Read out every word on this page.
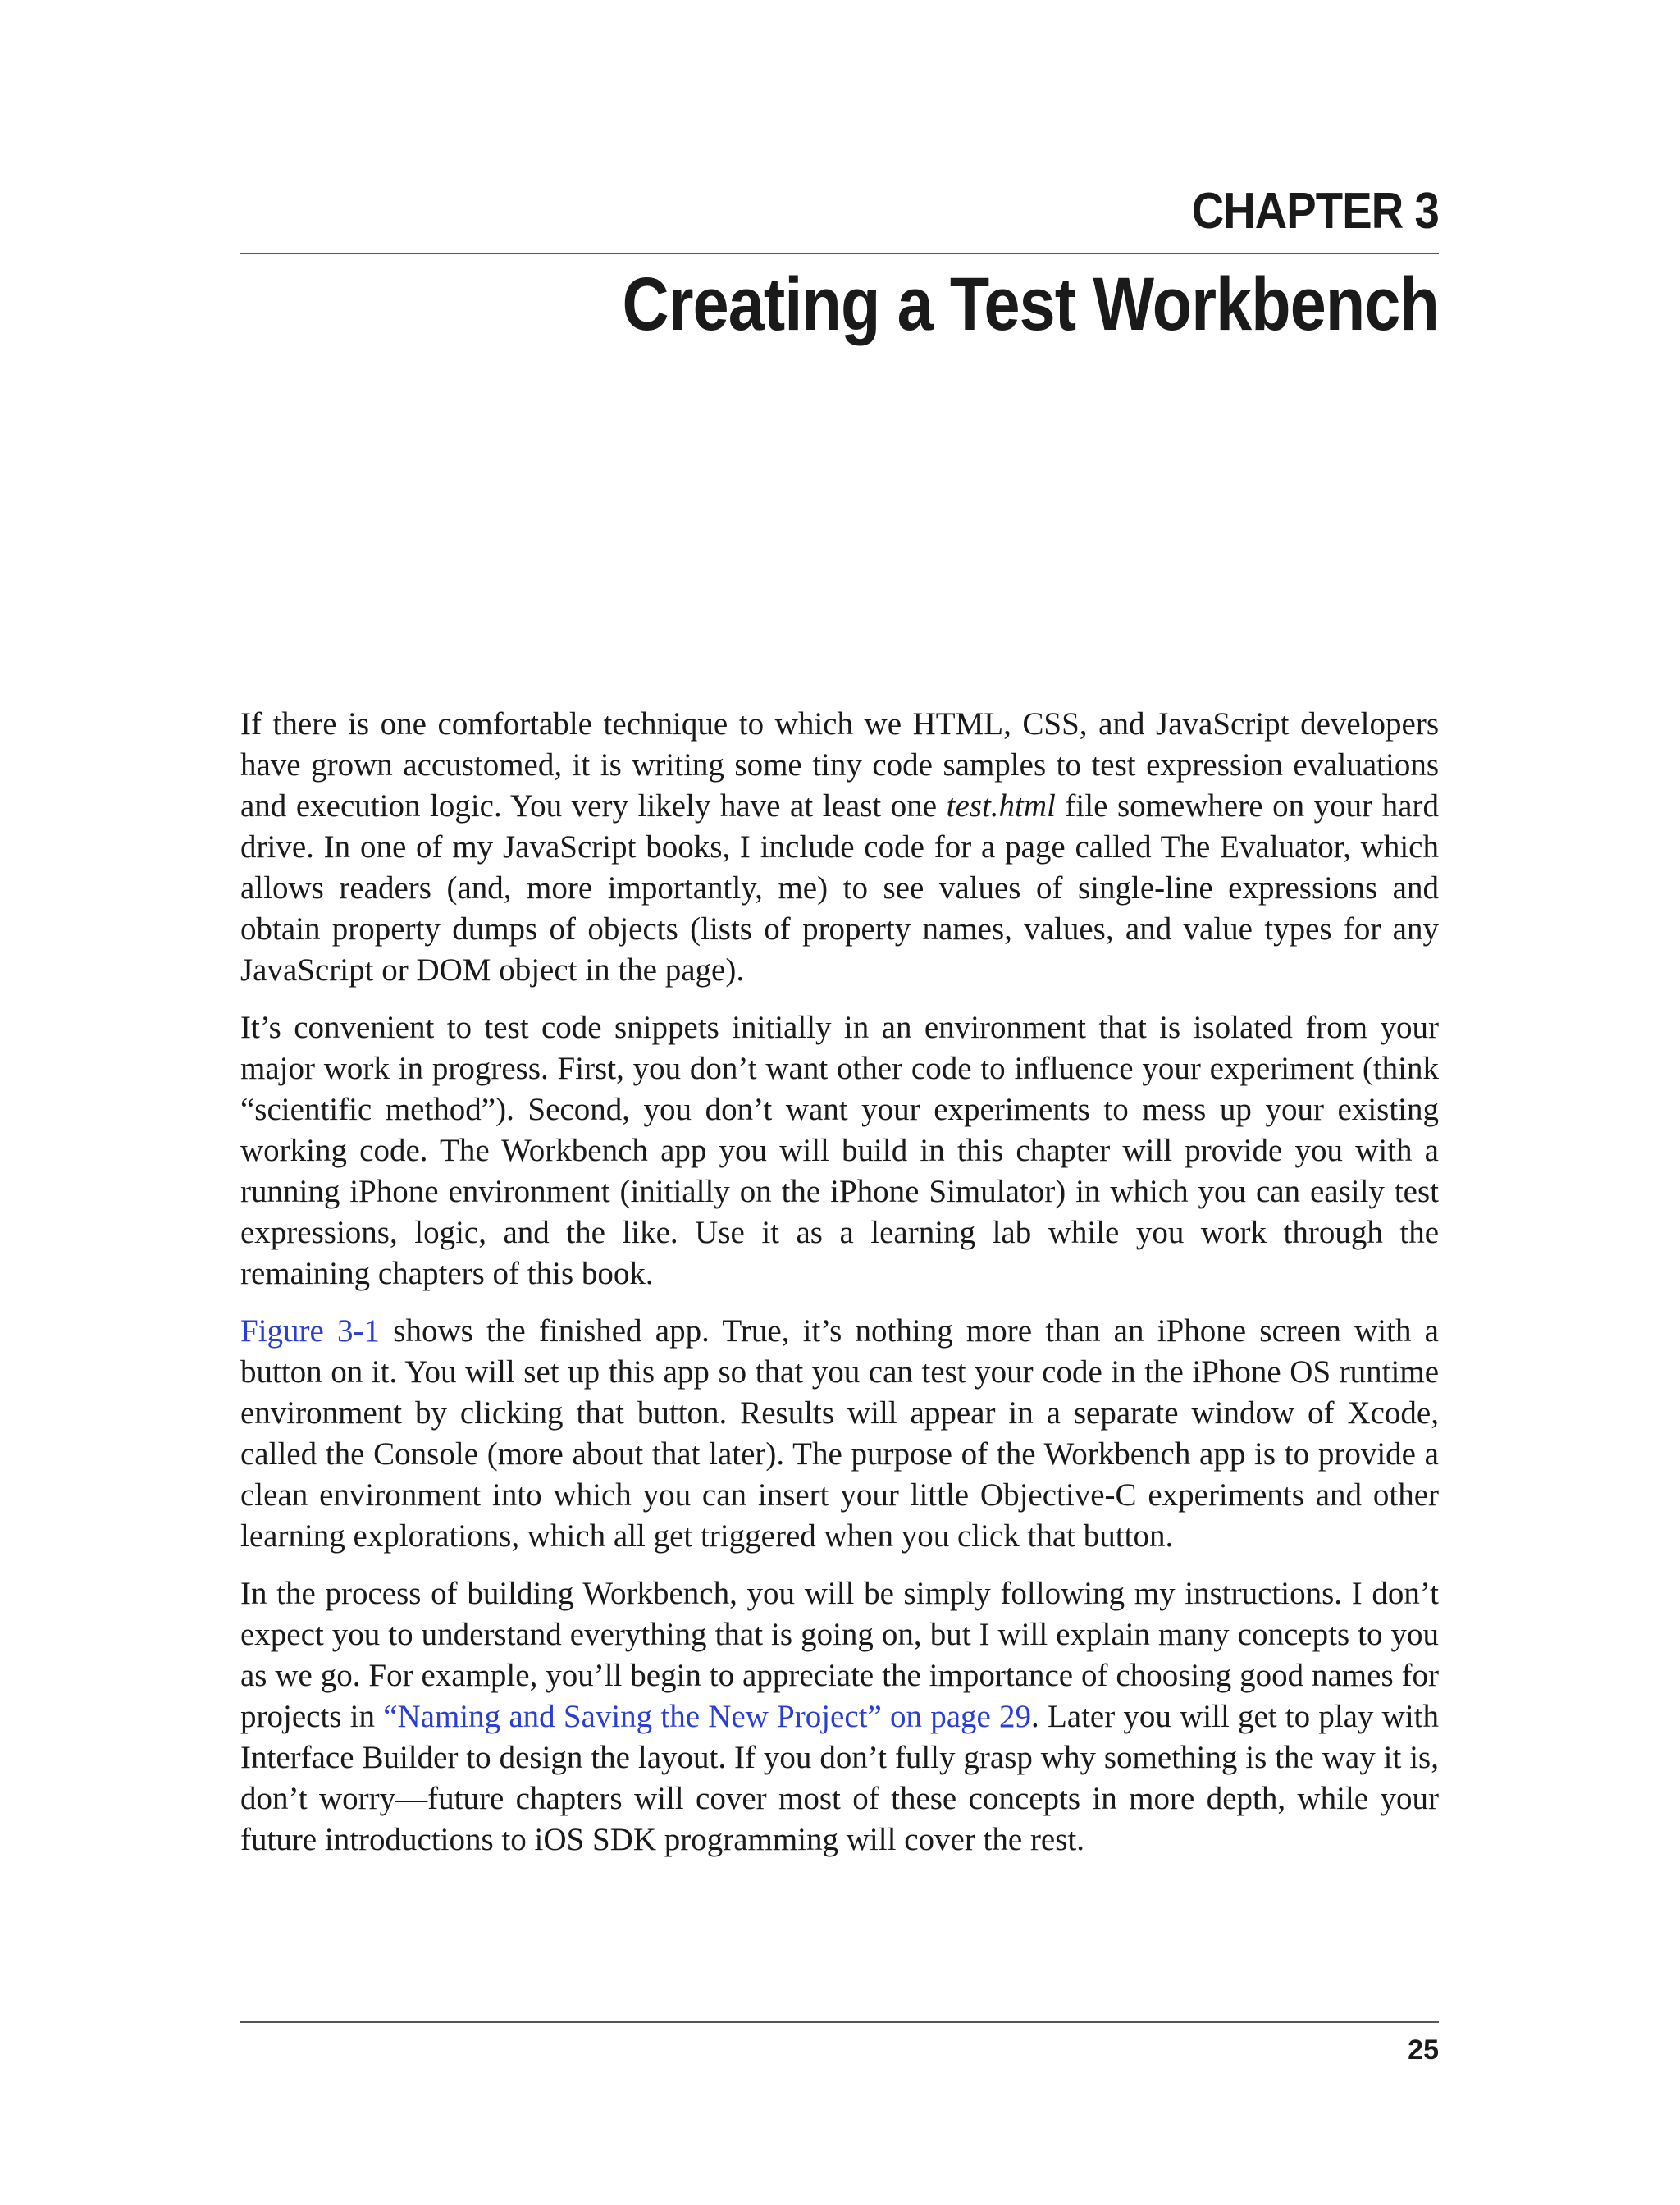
CHAPTER 3
Creating a Test Workbench

If there is one comfortable technique to which we HTML, CSS, and JavaScript developers have grown accustomed, it is writing some tiny code samples to test expression evaluations and execution logic. You very likely have at least one test.html file somewhere on your hard drive. In one of my JavaScript books, I include code for a page called The Evaluator, which allows readers (and, more importantly, me) to see values of single-line expressions and obtain property dumps of objects (lists of property names, values, and value types for any JavaScript or DOM object in the page).

It’s convenient to test code snippets initially in an environment that is isolated from your major work in progress. First, you don’t want other code to influence your experiment (think “scientific method”). Second, you don’t want your experiments to mess up your existing working code. The Workbench app you will build in this chapter will provide you with a running iPhone environment (initially on the iPhone Simulator) in which you can easily test expressions, logic, and the like. Use it as a learning lab while you work through the remaining chapters of this book.

Figure 3-1 shows the finished app. True, it’s nothing more than an iPhone screen with a button on it. You will set up this app so that you can test your code in the iPhone OS runtime environment by clicking that button. Results will appear in a separate window of Xcode, called the Console (more about that later). The purpose of the Workbench app is to provide a clean environment into which you can insert your little Objective-C experiments and other learning explorations, which all get triggered when you click that button.

In the process of building Workbench, you will be simply following my instructions. I don’t expect you to understand everything that is going on, but I will explain many concepts to you as we go. For example, you’ll begin to appreciate the importance of choosing good names for projects in “Naming and Saving the New Project” on page 29. Later you will get to play with Interface Builder to design the layout. If you don’t fully grasp why something is the way it is, don’t worry—future chapters will cover most of these concepts in more depth, while your future introductions to iOS SDK programming will cover the rest.

25
